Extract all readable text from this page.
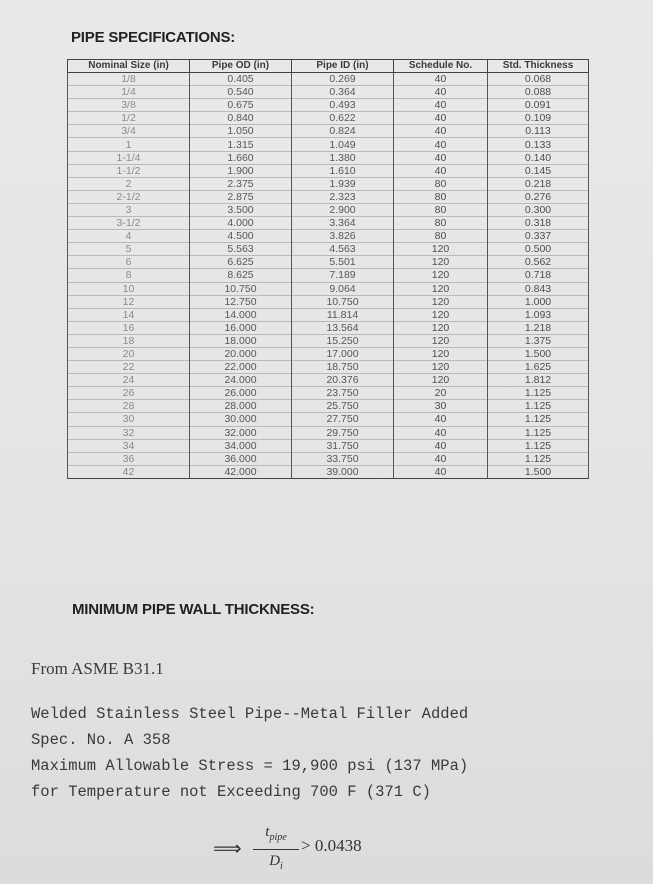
PIPE SPECIFICATIONS:
Nominal Size (in)	Pipe OD (in)	Pipe ID (in)	Schedule No.	Std. Thickness
1/8	0.405	0.269	40	0.068
1/4	0.540	0.364	40	0.088
3/8	0.675	0.493	40	0.091
1/2	0.840	0.622	40	0.109
3/4	1.050	0.824	40	0.113
1	1.315	1.049	40	0.133
1-1/4	1.660	1.380	40	0.140
1-1/2	1.900	1.610	40	0.145
2	2.375	1.939	80	0.218
2-1/2	2.875	2.323	80	0.276
3	3.500	2.900	80	0.300
3-1/2	4.000	3.364	80	0.318
4	4.500	3.826	80	0.337
5	5.563	4.563	120	0.500
6	6.625	5.501	120	0.562
8	8.625	7.189	120	0.718
10	10.750	9.064	120	0.843
12	12.750	10.750	120	1.000
14	14.000	11.814	120	1.093
16	16.000	13.564	120	1.218
18	18.000	15.250	120	1.375
20	20.000	17.000	120	1.500
22	22.000	18.750	120	1.625
24	24.000	20.376	120	1.812
26	26.000	23.750	20	1.125
28	28.000	25.750	30	1.125
30	30.000	27.750	40	1.125
32	32.000	29.750	40	1.125
34	34.000	31.750	40	1.125
36	36.000	33.750	40	1.125
42	42.000	39.000	40	1.500
MINIMUM PIPE WALL THICKNESS:
From ASME B31.1
Welded Stainless Steel Pipe--Metal Filler Added
Spec. No. A 358
Maximum Allowable Stress = 19,900 psi (137 MPa)
for Temperature not Exceeding 700 F (371 C)
⟹
$t_{pipe}$
$D_i$
> 0.0438
